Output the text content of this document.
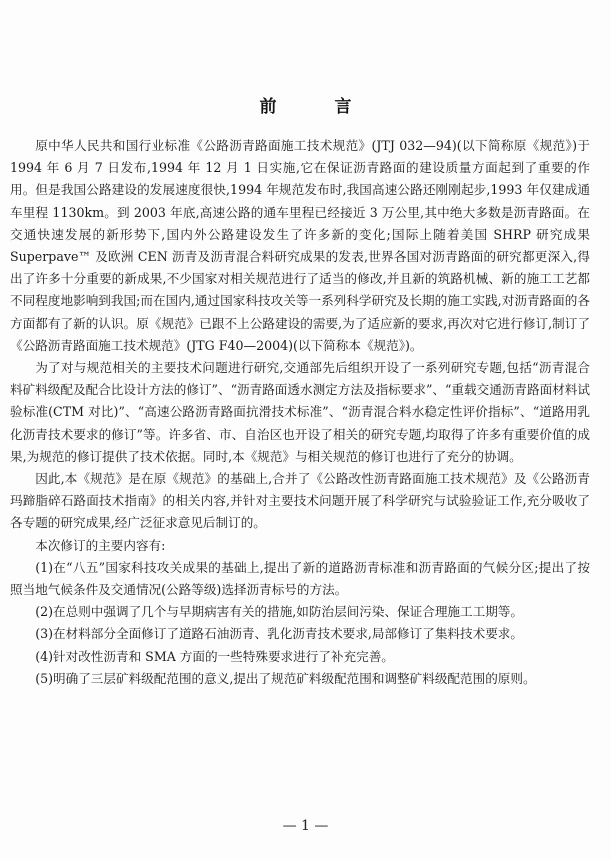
前 言

原中华人民共和国行业标准《公路沥青路面施工技术规范》(JTJ 032—94)(以下简称原《规范》)于 1994 年 6 月 7 日发布,1994 年 12 月 1 日实施,它在保证沥青路面的建设质量方面起到了重要的作用。但是我国公路建设的发展速度很快,1994 年规范发布时,我国高速公路还刚刚起步,1993 年仅建成通车里程 1130km。到 2003 年底,高速公路的通车里程已经接近 3 万公里,其中绝大多数是沥青路面。在交通快速发展的新形势下,国内外公路建设发生了许多新的变化;国际上随着美国 SHRP 研究成果 Superpave™ 及欧洲 CEN 沥青及沥青混合料研究成果的发表,世界各国对沥青路面的研究都更深入,得出了许多十分重要的新成果,不少国家对相关规范进行了适当的修改,并且新的筑路机械、新的施工工艺都不同程度地影响到我国;而在国内,通过国家科技攻关等一系列科学研究及长期的施工实践,对沥青路面的各方面都有了新的认识。原《规范》已跟不上公路建设的需要,为了适应新的要求,再次对它进行修订,制订了《公路沥青路面施工技术规范》(JTG F40—2004)(以下简称本《规范》)。

为了对与规范相关的主要技术问题进行研究,交通部先后组织开设了一系列研究专题,包括“沥青混合料矿料级配及配合比设计方法的修订”、“沥青路面透水测定方法及指标要求”、“重载交通沥青路面材料试验标准(CTM 对比)”、“高速公路沥青路面抗滑技术标准”、“沥青混合料水稳定性评价指标”、“道路用乳化沥青技术要求的修订”等。许多省、市、自治区也开设了相关的研究专题,均取得了许多有重要价值的成果,为规范的修订提供了技术依据。同时,本《规范》与相关规范的修订也进行了充分的协调。

因此,本《规范》是在原《规范》的基础上,合并了《公路改性沥青路面施工技术规范》及《公路沥青玛蹄脂碎石路面技术指南》的相关内容,并针对主要技术问题开展了科学研究与试验验证工作,充分吸收了各专题的研究成果,经广泛征求意见后制订的。

本次修订的主要内容有:

(1)在“八五”国家科技攻关成果的基础上,提出了新的道路沥青标准和沥青路面的气候分区;提出了按照当地气候条件及交通情况(公路等级)选择沥青标号的方法。

(2)在总则中强调了几个与早期病害有关的措施,如防治层间污染、保证合理施工工期等。

(3)在材料部分全面修订了道路石油沥青、乳化沥青技术要求,局部修订了集料技术要求。

(4)针对改性沥青和 SMA 方面的一些特殊要求进行了补充完善。

(5)明确了三层矿料级配范围的意义,提出了规范矿料级配范围和调整矿料级配范围的原则。

— 1 —
